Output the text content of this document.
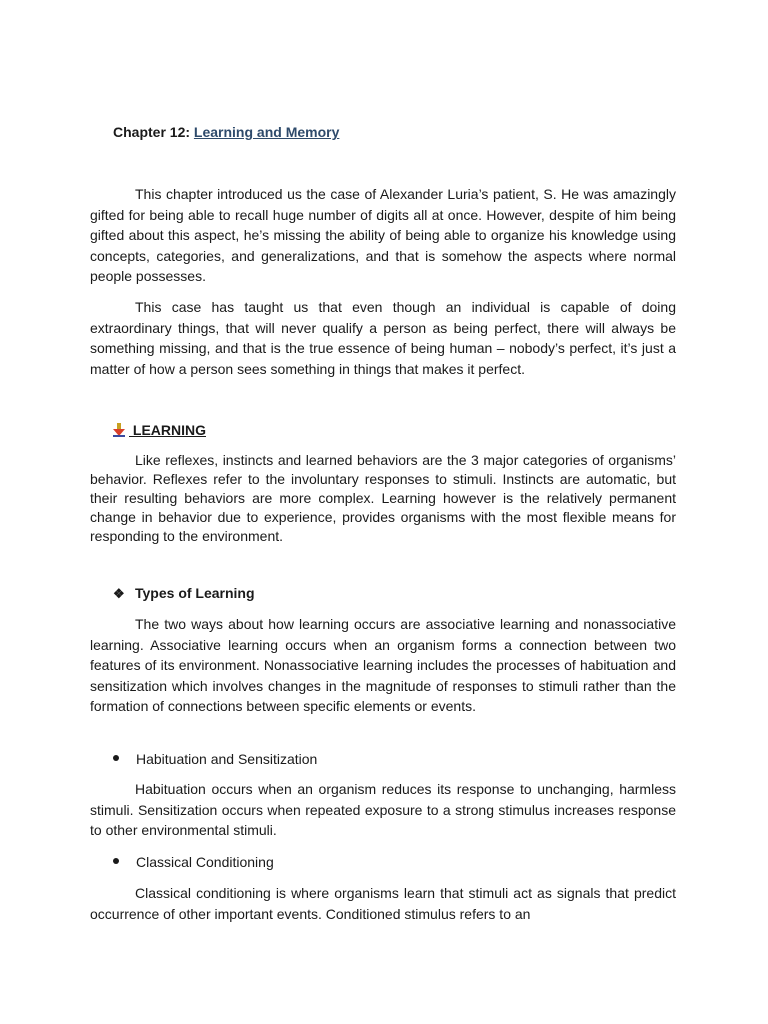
Chapter 12: Learning and Memory

This chapter introduced us the case of Alexander Luria’s patient, S. He was amazingly gifted for being able to recall huge number of digits all at once. However, despite of him being gifted about this aspect, he’s missing the ability of being able to organize his knowledge using concepts, categories, and generalizations, and that is somehow the aspects where normal people possesses.

This case has taught us that even though an individual is capable of doing extraordinary things, that will never qualify a person as being perfect, there will always be something missing, and that is the true essence of being human – nobody’s perfect, it’s just a matter of how a person sees something in things that makes it perfect.

LEARNING

Like reflexes, instincts and learned behaviors are the 3 major categories of organisms’ behavior. Reflexes refer to the involuntary responses to stimuli. Instincts are automatic, but their resulting behaviors are more complex. Learning however is the relatively permanent change in behavior due to experience, provides organisms with the most flexible means for responding to the environment.

❖ Types of Learning

The two ways about how learning occurs are associative learning and nonassociative learning. Associative learning occurs when an organism forms a connection between two features of its environment. Nonassociative learning includes the processes of habituation and sensitization which involves changes in the magnitude of responses to stimuli rather than the formation of connections between specific elements or events.

Habituation and Sensitization

Habituation occurs when an organism reduces its response to unchanging, harmless stimuli. Sensitization occurs when repeated exposure to a strong stimulus increases response to other environmental stimuli.

Classical Conditioning

Classical conditioning is where organisms learn that stimuli act as signals that predict occurrence of other important events. Conditioned stimulus refers to an
